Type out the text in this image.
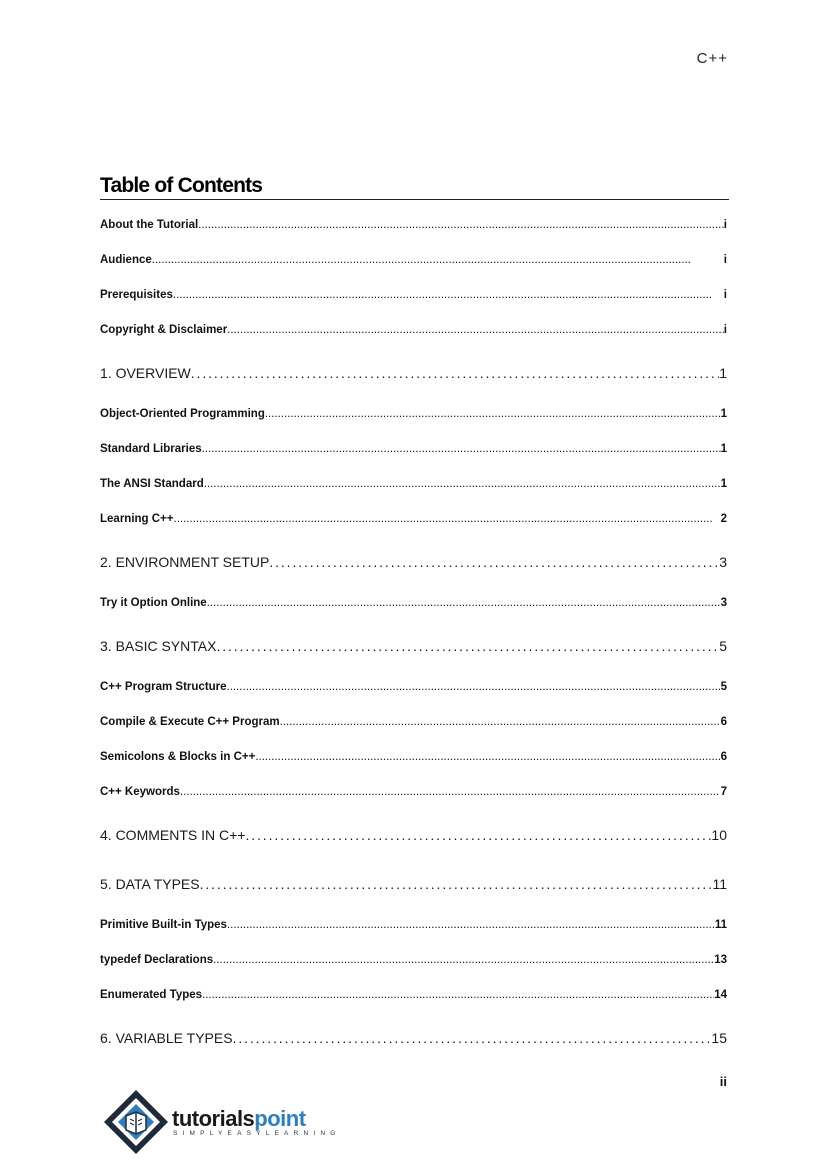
C++
Table of Contents
About the Tutorial . . .	i
Audience . . .	i
Prerequisites . . .	i
Copyright & Disclaimer . . .	i
1. OVERVIEW . . .	1
Object-Oriented Programming . . .	1
Standard Libraries . . .	1
The ANSI Standard . . .	1
Learning C++ . . .	2
2. ENVIRONMENT SETUP . . .	3
Try it Option Online . . .	3
3. BASIC SYNTAX . . .	5
C++ Program Structure . . .	5
Compile & Execute C++ Program . . .	6
Semicolons & Blocks in C++ . . .	6
C++ Keywords . . .	7
4. COMMENTS IN C++ . . .	10
5. DATA TYPES . . .	11
Primitive Built-in Types . . .	11
typedef Declarations . . .	13
Enumerated Types . . .	14
6. VARIABLE TYPES . . .	15
ii
tutorialspoint
SIMPLYEASYLEARNING
